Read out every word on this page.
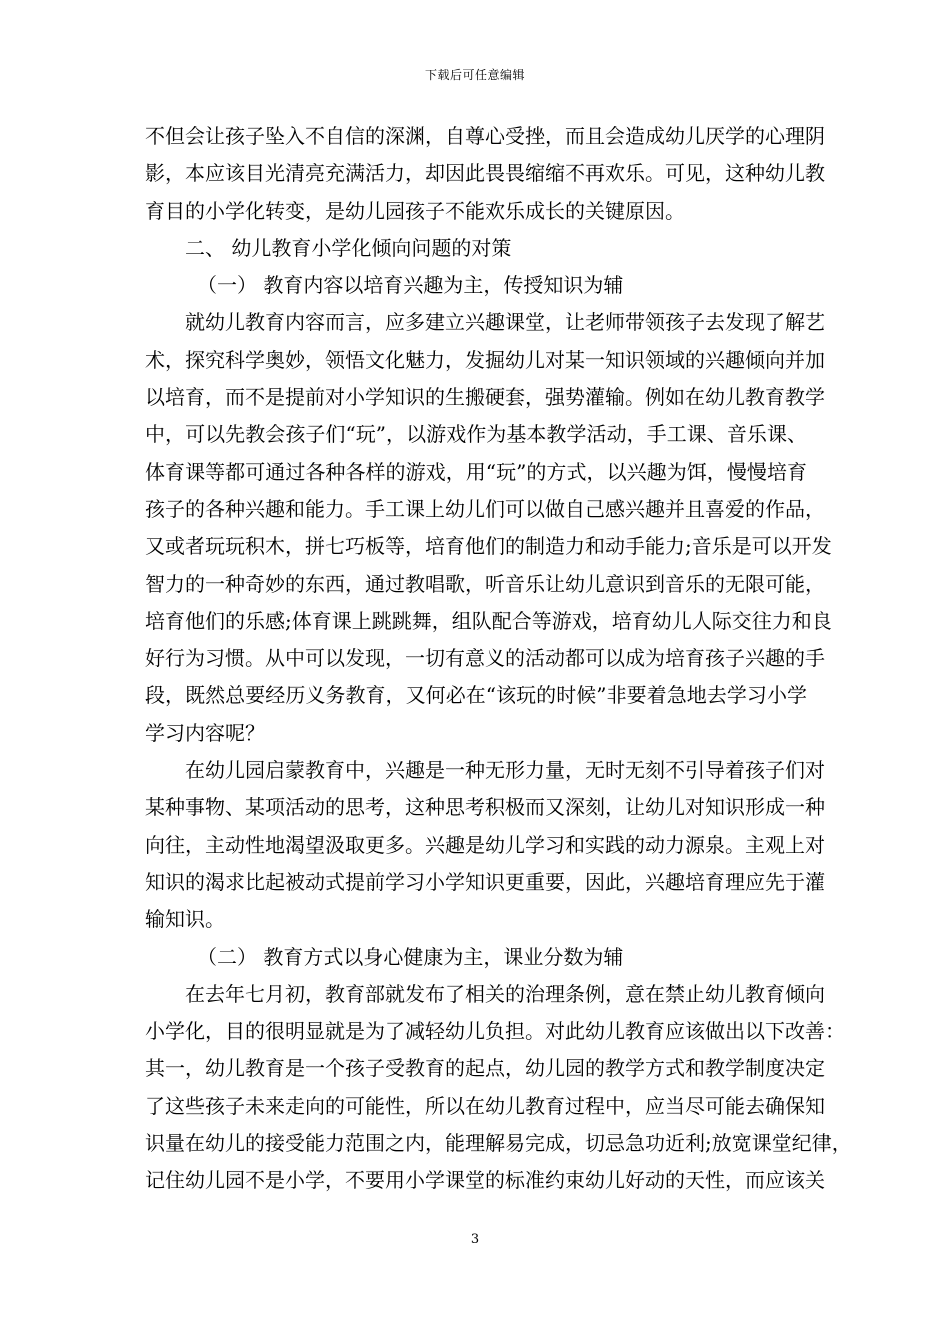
下载后可任意编辑
不但会让孩子坠入不自信的深渊，自尊心受挫，而且会造成幼儿厌学的心理阴
影，本应该目光清亮充满活力，却因此畏畏缩缩不再欢乐。可见，这种幼儿教
育目的小学化转变，是幼儿园孩子不能欢乐成长的关键原因。
二、 幼儿教育小学化倾向问题的对策
（一） 教育内容以培育兴趣为主，传授知识为辅
就幼儿教育内容而言，应多建立兴趣课堂，让老师带领孩子去发现了解艺
术，探究科学奥妙，领悟文化魅力，发掘幼儿对某一知识领域的兴趣倾向并加
以培育，而不是提前对小学知识的生搬硬套，强势灌输。例如在幼儿教育教学
中，可以先教会孩子们“玩”，以游戏作为基本教学活动，手工课、音乐课、
体育课等都可通过各种各样的游戏，用“玩”的方式，以兴趣为饵，慢慢培育
孩子的各种兴趣和能力。手工课上幼儿们可以做自己感兴趣并且喜爱的作品，
又或者玩玩积木，拼七巧板等，培育他们的制造力和动手能力;音乐是可以开发
智力的一种奇妙的东西，通过教唱歌，听音乐让幼儿意识到音乐的无限可能，
培育他们的乐感;体育课上跳跳舞，组队配合等游戏，培育幼儿人际交往力和良
好行为习惯。从中可以发现，一切有意义的活动都可以成为培育孩子兴趣的手
段，既然总要经历义务教育，又何必在“该玩的时候”非要着急地去学习小学
学习内容呢？
在幼儿园启蒙教育中，兴趣是一种无形力量，无时无刻不引导着孩子们对
某种事物、某项活动的思考，这种思考积极而又深刻，让幼儿对知识形成一种
向往，主动性地渴望汲取更多。兴趣是幼儿学习和实践的动力源泉。主观上对
知识的渴求比起被动式提前学习小学知识更重要，因此，兴趣培育理应先于灌
输知识。
（二） 教育方式以身心健康为主，课业分数为辅
在去年七月初，教育部就发布了相关的治理条例，意在禁止幼儿教育倾向
小学化，目的很明显就是为了减轻幼儿负担。对此幼儿教育应该做出以下改善：
其一，幼儿教育是一个孩子受教育的起点，幼儿园的教学方式和教学制度决定
了这些孩子未来走向的可能性，所以在幼儿教育过程中，应当尽可能去确保知
识量在幼儿的接受能力范围之内，能理解易完成，切忌急功近利;放宽课堂纪律，
记住幼儿园不是小学，不要用小学课堂的标准约束幼儿好动的天性，而应该关
3
